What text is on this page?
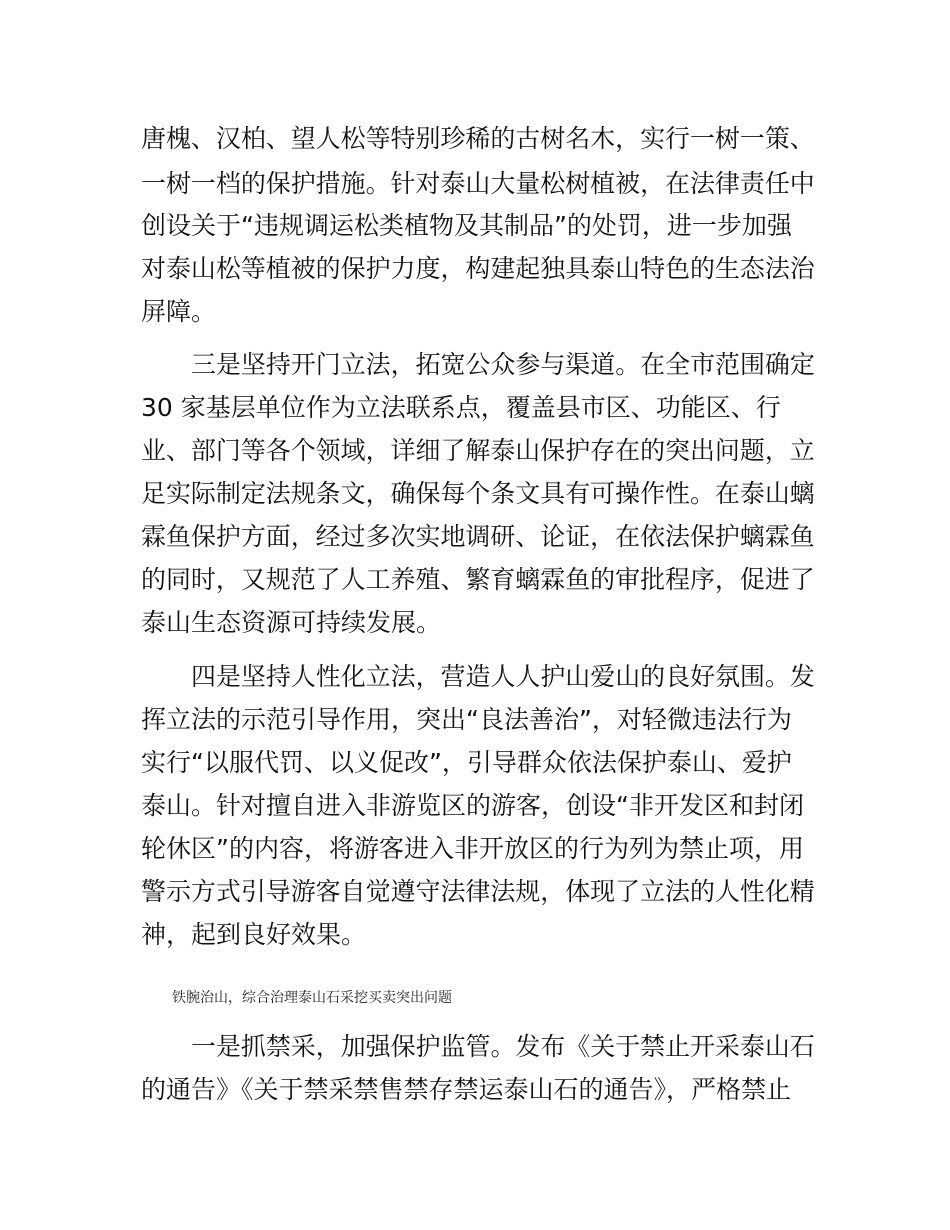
唐槐、汉柏、望人松等特别珍稀的古树名木，实行一树一策、
一树一档的保护措施。针对泰山大量松树植被，在法律责任中
创设关于“违规调运松类植物及其制品”的处罚，进一步加强
对泰山松等植被的保护力度，构建起独具泰山特色的生态法治
屏障。
三是坚持开门立法，拓宽公众参与渠道。在全市范围确定
30 家基层单位作为立法联系点，覆盖县市区、功能区、行
业、部门等各个领域，详细了解泰山保护存在的突出问题，立
足实际制定法规条文，确保每个条文具有可操作性。在泰山螭
霖鱼保护方面，经过多次实地调研、论证，在依法保护螭霖鱼
的同时，又规范了人工养殖、繁育螭霖鱼的审批程序，促进了
泰山生态资源可持续发展。
四是坚持人性化立法，营造人人护山爱山的良好氛围。发
挥立法的示范引导作用，突出“良法善治”，对轻微违法行为
实行“以服代罚、以义促改”，引导群众依法保护泰山、爱护
泰山。针对擅自进入非游览区的游客，创设“非开发区和封闭
轮休区”的内容，将游客进入非开放区的行为列为禁止项，用
警示方式引导游客自觉遵守法律法规，体现了立法的人性化精
神，起到良好效果。
铁腕治山，综合治理泰山石采挖买卖突出问题
一是抓禁采，加强保护监管。发布《关于禁止开采泰山石
的通告》《关于禁采禁售禁存禁运泰山石的通告》，严格禁止
